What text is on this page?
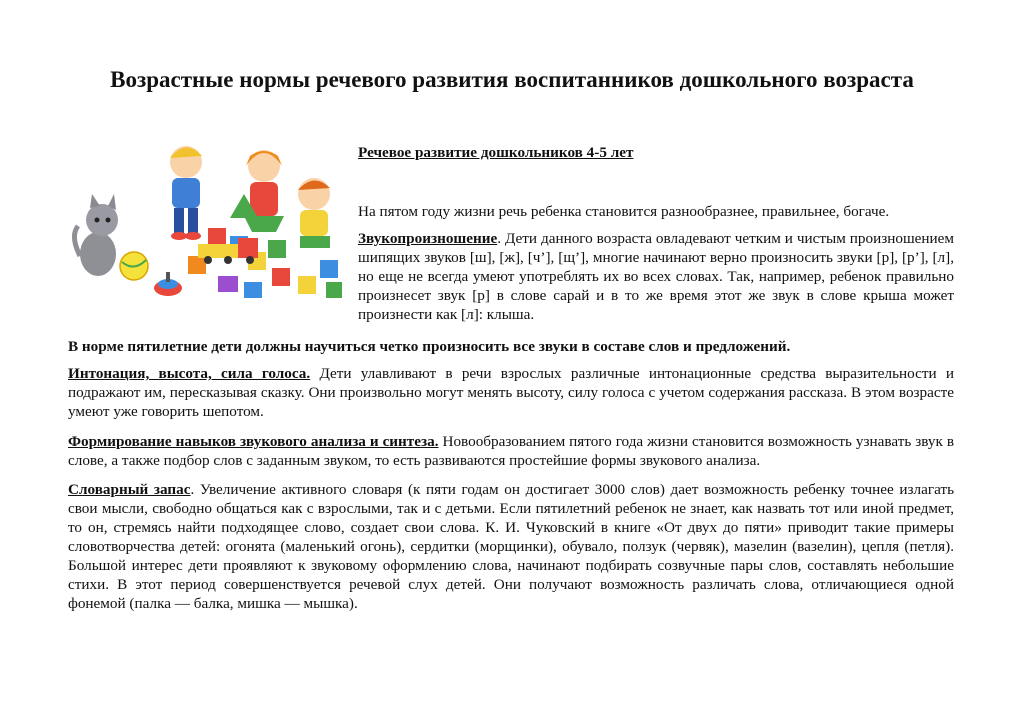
Возрастные нормы речевого развития воспитанников дошкольного возраста

Речевое развитие дошкольников 4-5 лет

На пятом году жизни речь ребенка становится разнообразнее, правильнее, богаче.

Звукопроизношение. Дети данного возраста овладевают четким и чистым произношением шипящих звуков [ш], [ж], [ч’], [щ’], многие начинают верно произносить звуки [р], [р’], [л], но еще не всегда умеют употреблять их во всех словах. Так, например, ребенок правильно произнесет звук [р] в слове сарай и в то же время этот же звук в слове крыша может произнести как [л]: клыша.

В норме пятилетние дети должны научиться четко произносить все звуки в составе слов и предложений.

Интонация, высота, сила голоса. Дети улавливают в речи взрослых различные интонационные средства выразительности и подражают им, пересказывая сказку. Они произвольно могут менять высоту, силу голоса с учетом содержания рассказа. В этом возрасте умеют уже говорить шепотом.

Формирование навыков звукового анализа и синтеза. Новообразованием пятого года жизни становится возможность узнавать звук в слове, а также подбор слов с заданным звуком, то есть развиваются простейшие формы звукового анализа.

Словарный запас. Увеличение активного словаря (к пяти годам он достигает 3000 слов) дает возможность ребенку точнее излагать свои мысли, свободно общаться как с взрослыми, так и с детьми. Если пятилетний ребенок не знает, как назвать тот или иной предмет, то он, стремясь найти подходящее слово, создает свои слова. К. И. Чуковский в книге «От двух до пяти» приводит такие примеры словотворчества детей: огонята (маленький огонь), сердитки (морщинки), обувало, ползук (червяк), мазелин (вазелин), цепля (петля). Большой интерес дети проявляют к звуковому оформлению слова, начинают подбирать созвучные пары слов, составлять небольшие стихи. В этот период совершенствуется речевой слух детей. Они получают возможность различать слова, отличающиеся одной фонемой (палка — балка, мишка — мышка).
